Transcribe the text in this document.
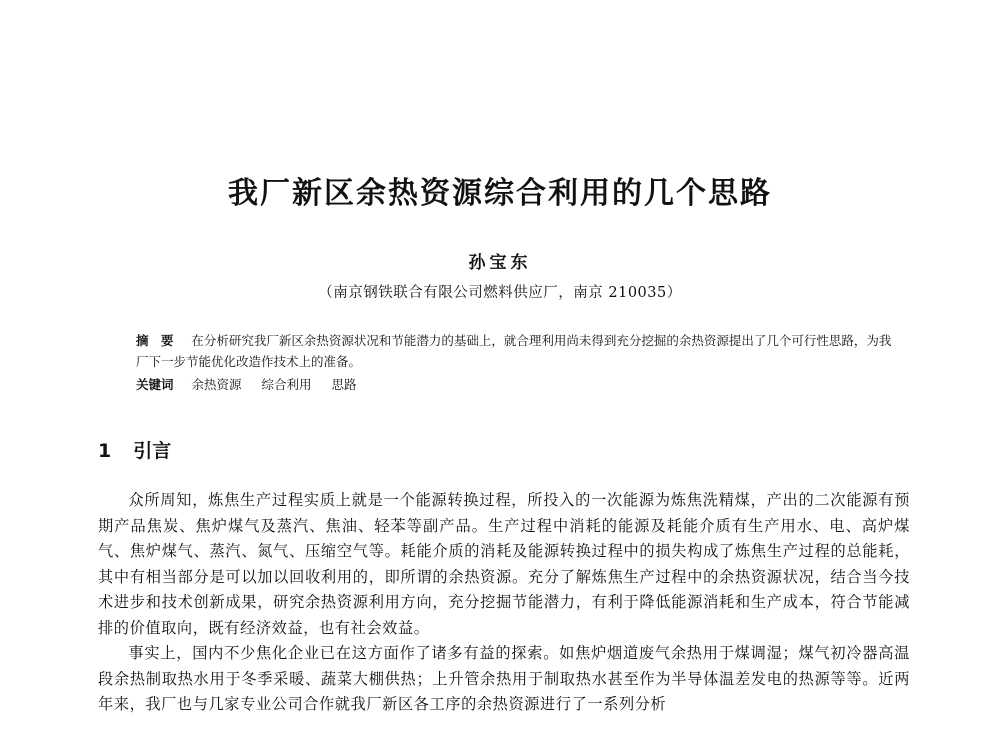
我厂新区余热资源综合利用的几个思路
孙宝东
（南京钢铁联合有限公司燃料供应厂，南京 210035）
摘 要 在分析研究我厂新区余热资源状况和节能潜力的基础上，就合理利用尚未得到充分挖掘的余热资源提出了几个可行性思路，为我厂下一步节能优化改造作技术上的准备。
关键词 余热资源 综合利用 思路
1 引言

众所周知，炼焦生产过程实质上就是一个能源转换过程，所投入的一次能源为炼焦洗精煤，产出的二次能源有预期产品焦炭、焦炉煤气及蒸汽、焦油、轻苯等副产品。生产过程中消耗的能源及耗能介质有生产用水、电、高炉煤气、焦炉煤气、蒸汽、氮气、压缩空气等。耗能介质的消耗及能源转换过程中的损失构成了炼焦生产过程的总能耗，其中有相当部分是可以加以回收利用的，即所谓的余热资源。充分了解炼焦生产过程中的余热资源状况，结合当今技术进步和技术创新成果，研究余热资源利用方向，充分挖掘节能潜力，有利于降低能源消耗和生产成本，符合节能减排的价值取向，既有经济效益，也有社会效益。

事实上，国内不少焦化企业已在这方面作了诸多有益的探索。如焦炉烟道废气余热用于煤调湿；煤气初冷器高温段余热制取热水用于冬季采暖、蔬菜大棚供热；上升管余热用于制取热水甚至作为半导体温差发电的热源等等。近两年来，我厂也与几家专业公司合作就我厂新区各工序的余热资源进行了一系列分析
